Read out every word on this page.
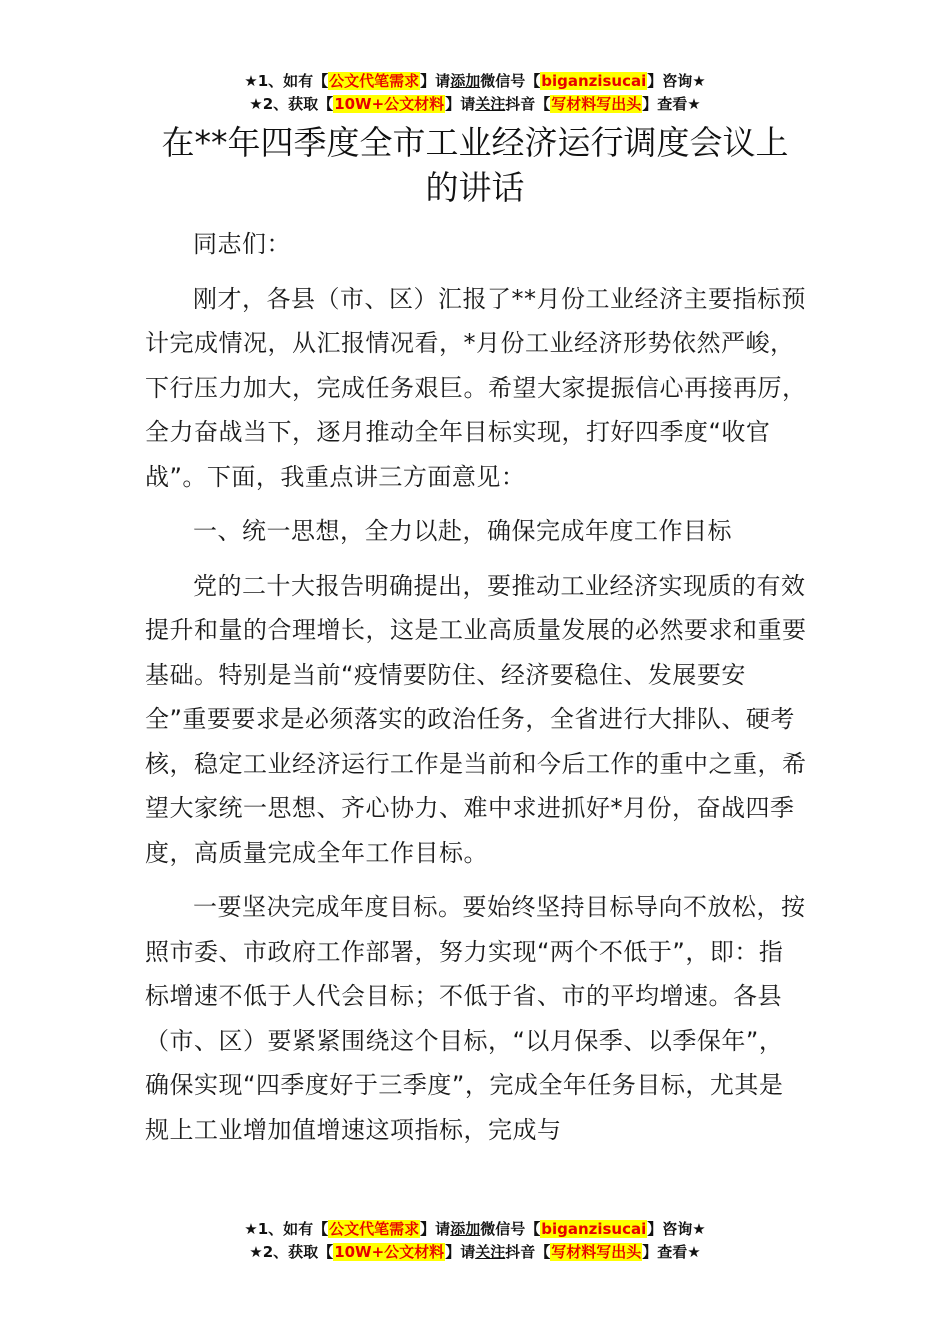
★1、如有【公文代笔需求】请添加微信号【biganzisucai】咨询★
★2、获取【10W+公文材料】请关注抖音【写材料写出头】查看★
在**年四季度全市工业经济运行调度会议上
的讲话

同志们：

刚才，各县（市、区）汇报了**月份工业经济主要指标预计完成情况，从汇报情况看，*月份工业经济形势依然严峻，下行压力加大，完成任务艰巨。希望大家提振信心再接再厉，全力奋战当下，逐月推动全年目标实现，打好四季度“收官战”。下面，我重点讲三方面意见：

一、统一思想，全力以赴，确保完成年度工作目标

党的二十大报告明确提出，要推动工业经济实现质的有效提升和量的合理增长，这是工业高质量发展的必然要求和重要基础。特别是当前“疫情要防住、经济要稳住、发展要安全”重要要求是必须落实的政治任务，全省进行大排队、硬考核，稳定工业经济运行工作是当前和今后工作的重中之重，希望大家统一思想、齐心协力、难中求进抓好*月份，奋战四季度，高质量完成全年工作目标。

一要坚决完成年度目标。要始终坚持目标导向不放松，按照市委、市政府工作部署，努力实现“两个不低于”，即：指标增速不低于人代会目标；不低于省、市的平均增速。各县（市、区）要紧紧围绕这个目标，“以月保季、以季保年”，确保实现“四季度好于三季度”，完成全年任务目标，尤其是规上工业增加值增速这项指标，完成与

★1、如有【公文代笔需求】请添加微信号【biganzisucai】咨询★
★2、获取【10W+公文材料】请关注抖音【写材料写出头】查看★
